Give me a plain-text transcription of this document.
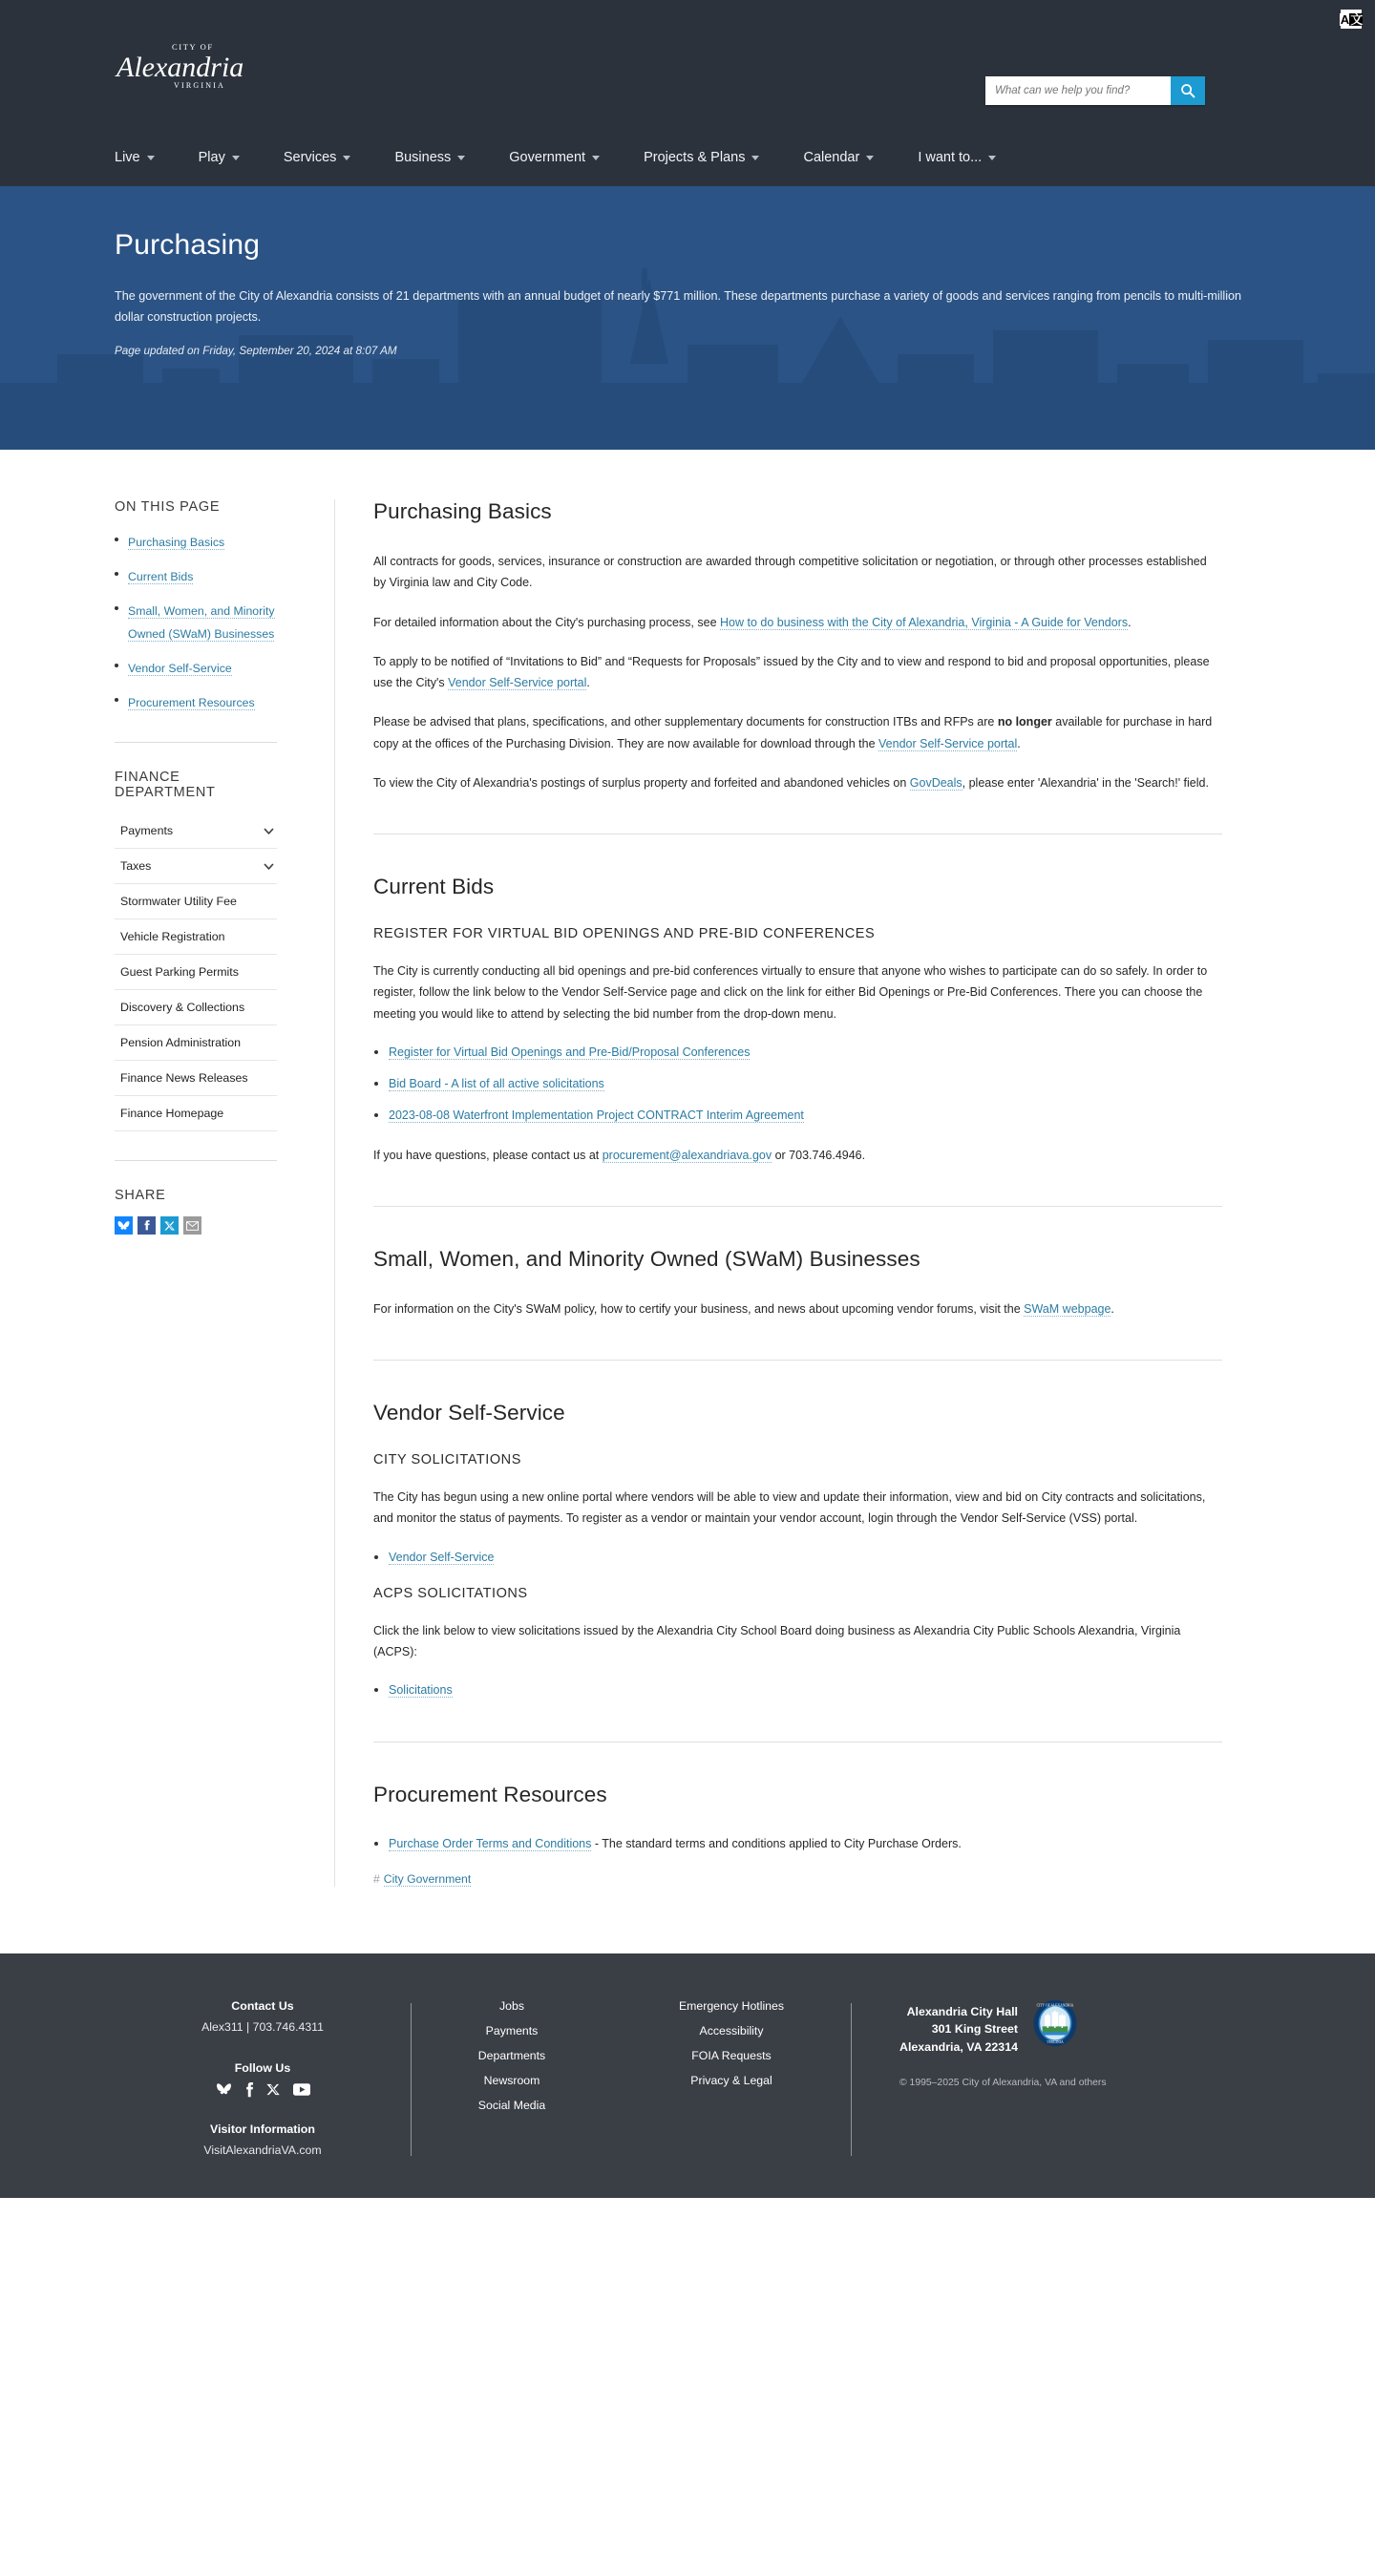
A 文
CITY OF
Alexandria
VIRGINIA
What can we help you find?
Live	Play	Services	Business	Government	Projects & Plans	Calendar	I want to...
Purchasing
The government of the City of Alexandria consists of 21 departments with an annual budget of nearly $771 million. These departments purchase a variety of goods and services ranging from pencils to multi-million dollar construction projects.
Page updated on Friday, September 20, 2024 at 8:07 AM
ON THIS PAGE
Purchasing Basics
Current Bids
Small, Women, and Minority Owned (SWaM) Businesses
Vendor Self-Service
Procurement Resources
FINANCE DEPARTMENT
Payments
Taxes
Stormwater Utility Fee
Vehicle Registration
Guest Parking Permits
Discovery & Collections
Pension Administration
Finance News Releases
Finance Homepage
SHARE
Purchasing Basics

All contracts for goods, services, insurance or construction are awarded through competitive solicitation or negotiation, or through other processes established by Virginia law and City Code.

For detailed information about the City's purchasing process, see How to do business with the City of Alexandria, Virginia - A Guide for Vendors.

To apply to be notified of “Invitations to Bid” and “Requests for Proposals” issued by the City and to view and respond to bid and proposal opportunities, please use the City's Vendor Self-Service portal.

Please be advised that plans, specifications, and other supplementary documents for construction ITBs and RFPs are no longer available for purchase in hard copy at the offices of the Purchasing Division. They are now available for download through the Vendor Self-Service portal.

To view the City of Alexandria's postings of surplus property and forfeited and abandoned vehicles on GovDeals, please enter 'Alexandria' in the 'Search!' field.

Current Bids
REGISTER FOR VIRTUAL BID OPENINGS AND PRE-BID CONFERENCES

The City is currently conducting all bid openings and pre-bid conferences virtually to ensure that anyone who wishes to participate can do so safely. In order to register, follow the link below to the Vendor Self-Service page and click on the link for either Bid Openings or Pre-Bid Conferences. There you can choose the meeting you would like to attend by selecting the bid number from the drop-down menu.

Register for Virtual Bid Openings and Pre-Bid/Proposal Conferences
Bid Board - A list of all active solicitations
2023-08-08 Waterfront Implementation Project CONTRACT Interim Agreement

If you have questions, please contact us at procurement@alexandriava.gov or 703.746.4946.

Small, Women, and Minority Owned (SWaM) Businesses

For information on the City's SWaM policy, how to certify your business, and news about upcoming vendor forums, visit the SWaM webpage.

Vendor Self-Service
CITY SOLICITATIONS

The City has begun using a new online portal where vendors will be able to view and update their information, view and bid on City contracts and solicitations, and monitor the status of payments. To register as a vendor or maintain your vendor account, login through the Vendor Self-Service (VSS) portal.

Vendor Self-Service
ACPS SOLICITATIONS

Click the link below to view solicitations issued by the Alexandria City School Board doing business as Alexandria City Public Schools Alexandria, Virginia (ACPS):

Solicitations
Procurement Resources
Purchase Order Terms and Conditions - The standard terms and conditions applied to City Purchase Orders.
# City Government
Contact Us
Alex311 | 703.746.4311
Follow Us
Visitor Information
VisitAlexandriaVA.com
Jobs
Payments
Departments
Newsroom
Social Media
Emergency Hotlines
Accessibility
FOIA Requests
Privacy & Legal
Alexandria City Hall
301 King Street
Alexandria, VA 22314
CITY OF ALEXANDRIA
VIRGINIA
© 1995–2025 City of Alexandria, VA and others
